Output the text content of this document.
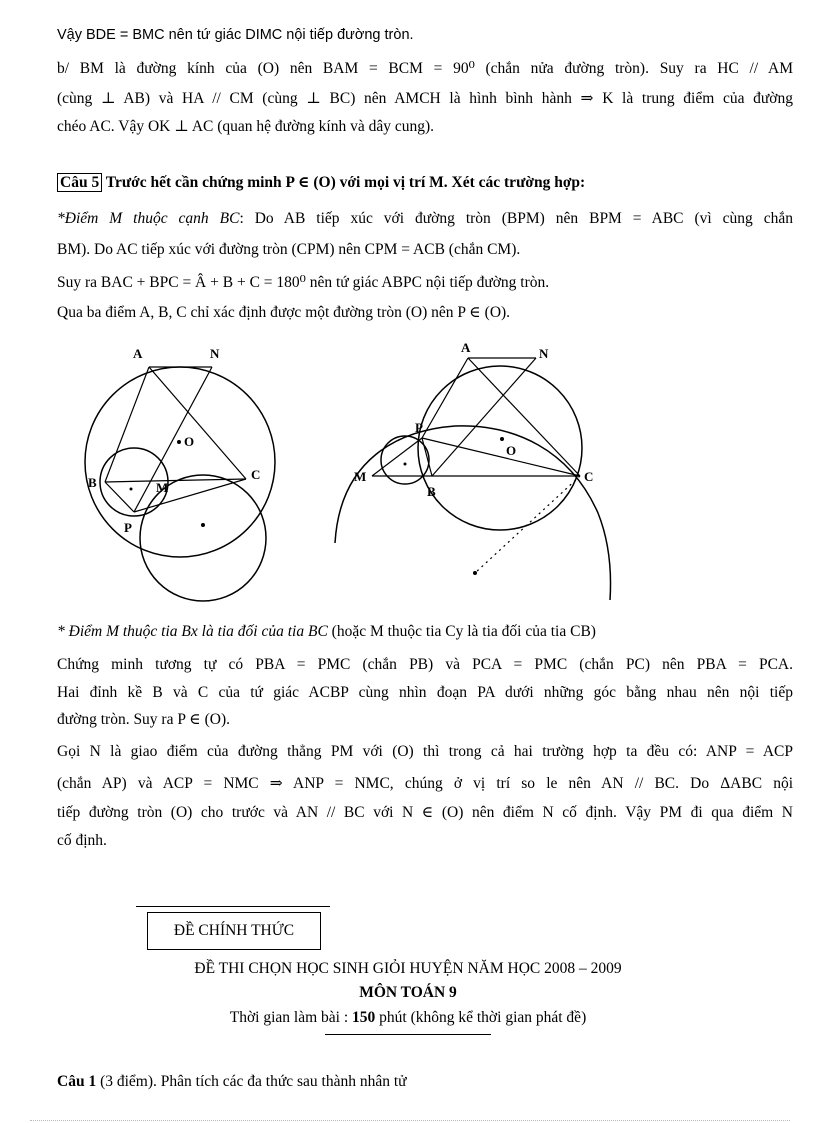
Vậy BDE = BMC nên tứ giác DIMC nội tiếp đường tròn.
b/ BM là đường kính của (O) nên BAM = BCM = 90⁰ (chắn nửa đường tròn). Suy ra HC // AM
(cùng ⊥ AB) và HA // CM (cùng ⊥ BC) nên AMCH là hình bình hành ⇒ K là trung điểm của đường
chéo AC. Vậy OK ⊥ AC (quan hệ đường kính và dây cung).
Câu 5 Trước hết cần chứng minh P ∈ (O) với mọi vị trí M. Xét các trường hợp:
*Điểm M thuộc cạnh BC: Do AB tiếp xúc với đường tròn (BPM) nên BPM = ABC (vì cùng chắn
BM). Do AC tiếp xúc với đường tròn (CPM) nên CPM = ACB (chắn CM).
Suy ra BAC + BPC = Â + B + C = 180⁰ nên tứ giác ABPC nội tiếp đường tròn.
Qua ba điểm A, B, C chỉ xác định được một đường tròn (O) nên P ∈ (O).
A	N
O
B	M
C
P
A	N
P
O
M
B
C
* Điểm M thuộc tia Bx là tia đối của tia BC (hoặc M thuộc tia Cy là tia đối của tia CB)
Chứng minh tương tự có PBA = PMC (chắn PB) và PCA = PMC (chắn PC) nên PBA = PCA.
Hai đỉnh kề B và C của tứ giác ACBP cùng nhìn đoạn PA dưới những góc bằng nhau nên nội tiếp
đường tròn. Suy ra P ∈ (O).
Gọi N là giao điểm của đường thẳng PM với (O) thì trong cả hai trường hợp ta đều có: ANP = ACP
(chắn AP) và ACP = NMC ⇒ ANP = NMC, chúng ở vị trí so le nên AN // BC. Do ΔABC nội
tiếp đường tròn (O) cho trước và AN // BC với N ∈ (O) nên điểm N cố định. Vậy PM đi qua điểm N
cố định.
ĐỀ CHÍNH THỨC
ĐỀ THI CHỌN HỌC SINH GIỎI HUYỆN NĂM HỌC 2008 – 2009
MÔN TOÁN 9
Thời gian làm bài : 150 phút (không kể thời gian phát đề)
Câu 1 (3 điểm). Phân tích các đa thức sau thành nhân tử
